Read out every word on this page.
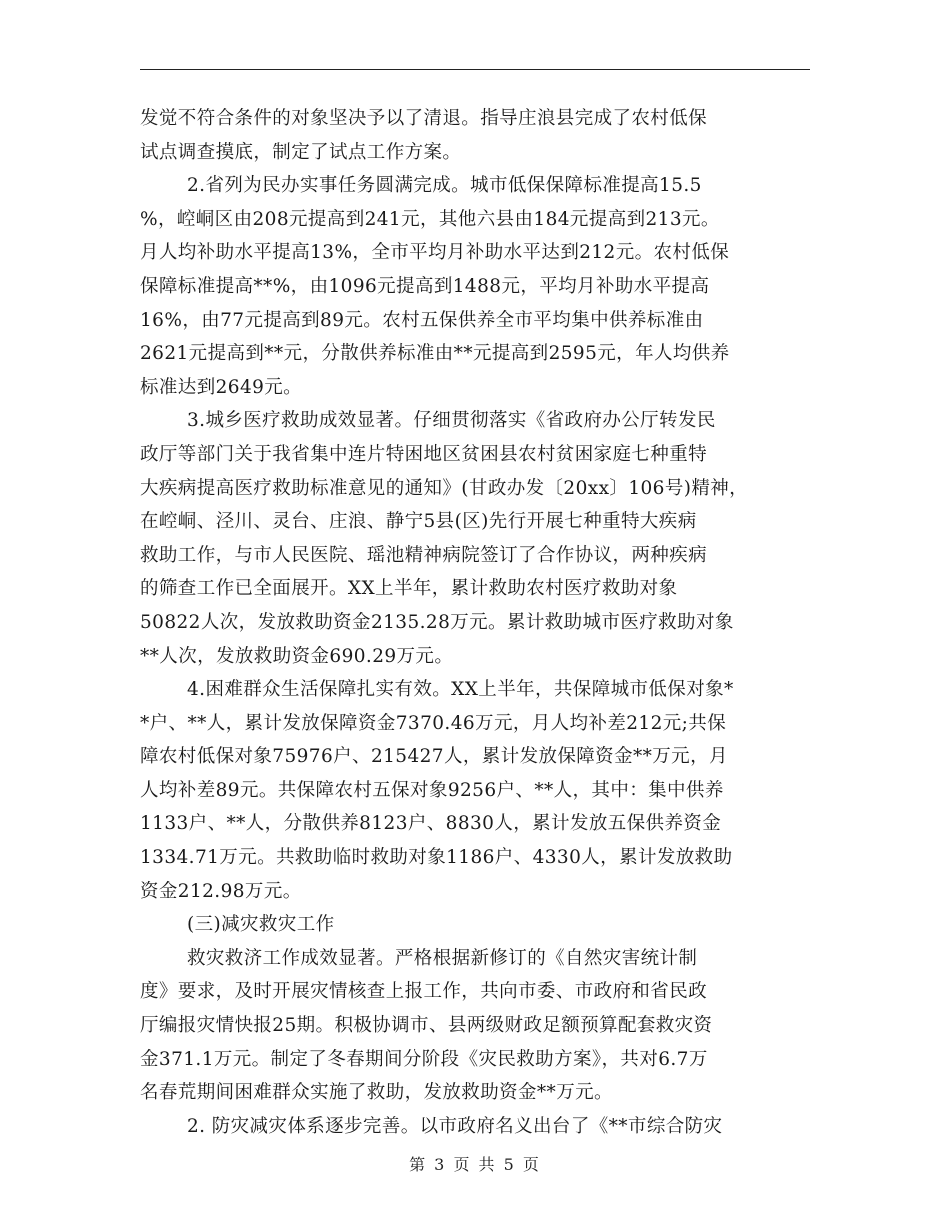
发觉不符合条件的对象坚决予以了清退。指导庄浪县完成了农村低保
试点调查摸底，制定了试点工作方案。
2.省列为民办实事任务圆满完成。城市低保保障标准提高15.5
%，崆峒区由208元提高到241元，其他六县由184元提高到213元。
月人均补助水平提高13%，全市平均月补助水平达到212元。农村低保
保障标准提高**%，由1096元提高到1488元，平均月补助水平提高
16%，由77元提高到89元。农村五保供养全市平均集中供养标准由
2621元提高到**元，分散供养标准由**元提高到2595元，年人均供养
标准达到2649元。
3.城乡医疗救助成效显著。仔细贯彻落实《省政府办公厅转发民
政厅等部门关于我省集中连片特困地区贫困县农村贫困家庭七种重特
大疾病提高医疗救助标准意见的通知》(甘政办发〔20xx〕106号)精神，
在崆峒、泾川、灵台、庄浪、静宁5县(区)先行开展七种重特大疾病
救助工作，与市人民医院、瑶池精神病院签订了合作协议，两种疾病
的筛查工作已全面展开。XX上半年，累计救助农村医疗救助对象
50822人次，发放救助资金2135.28万元。累计救助城市医疗救助对象
**人次，发放救助资金690.29万元。
4.困难群众生活保障扎实有效。XX上半年，共保障城市低保对象*
*户、**人，累计发放保障资金7370.46万元，月人均补差212元;共保
障农村低保对象75976户、215427人，累计发放保障资金**万元，月
人均补差89元。共保障农村五保对象9256户、**人，其中：集中供养
1133户、**人，分散供养8123户、8830人，累计发放五保供养资金
1334.71万元。共救助临时救助对象1186户、4330人，累计发放救助
资金212.98万元。
(三)减灾救灾工作
救灾救济工作成效显著。严格根据新修订的《自然灾害统计制
度》要求，及时开展灾情核查上报工作，共向市委、市政府和省民政
厅编报灾情快报25期。积极协调市、县两级财政足额预算配套救灾资
金371.1万元。制定了冬春期间分阶段《灾民救助方案》，共对6.7万
名春荒期间困难群众实施了救助，发放救助资金**万元。
2. 防灾减灾体系逐步完善。以市政府名义出台了《**市综合防灾
第 3 页 共 5 页
